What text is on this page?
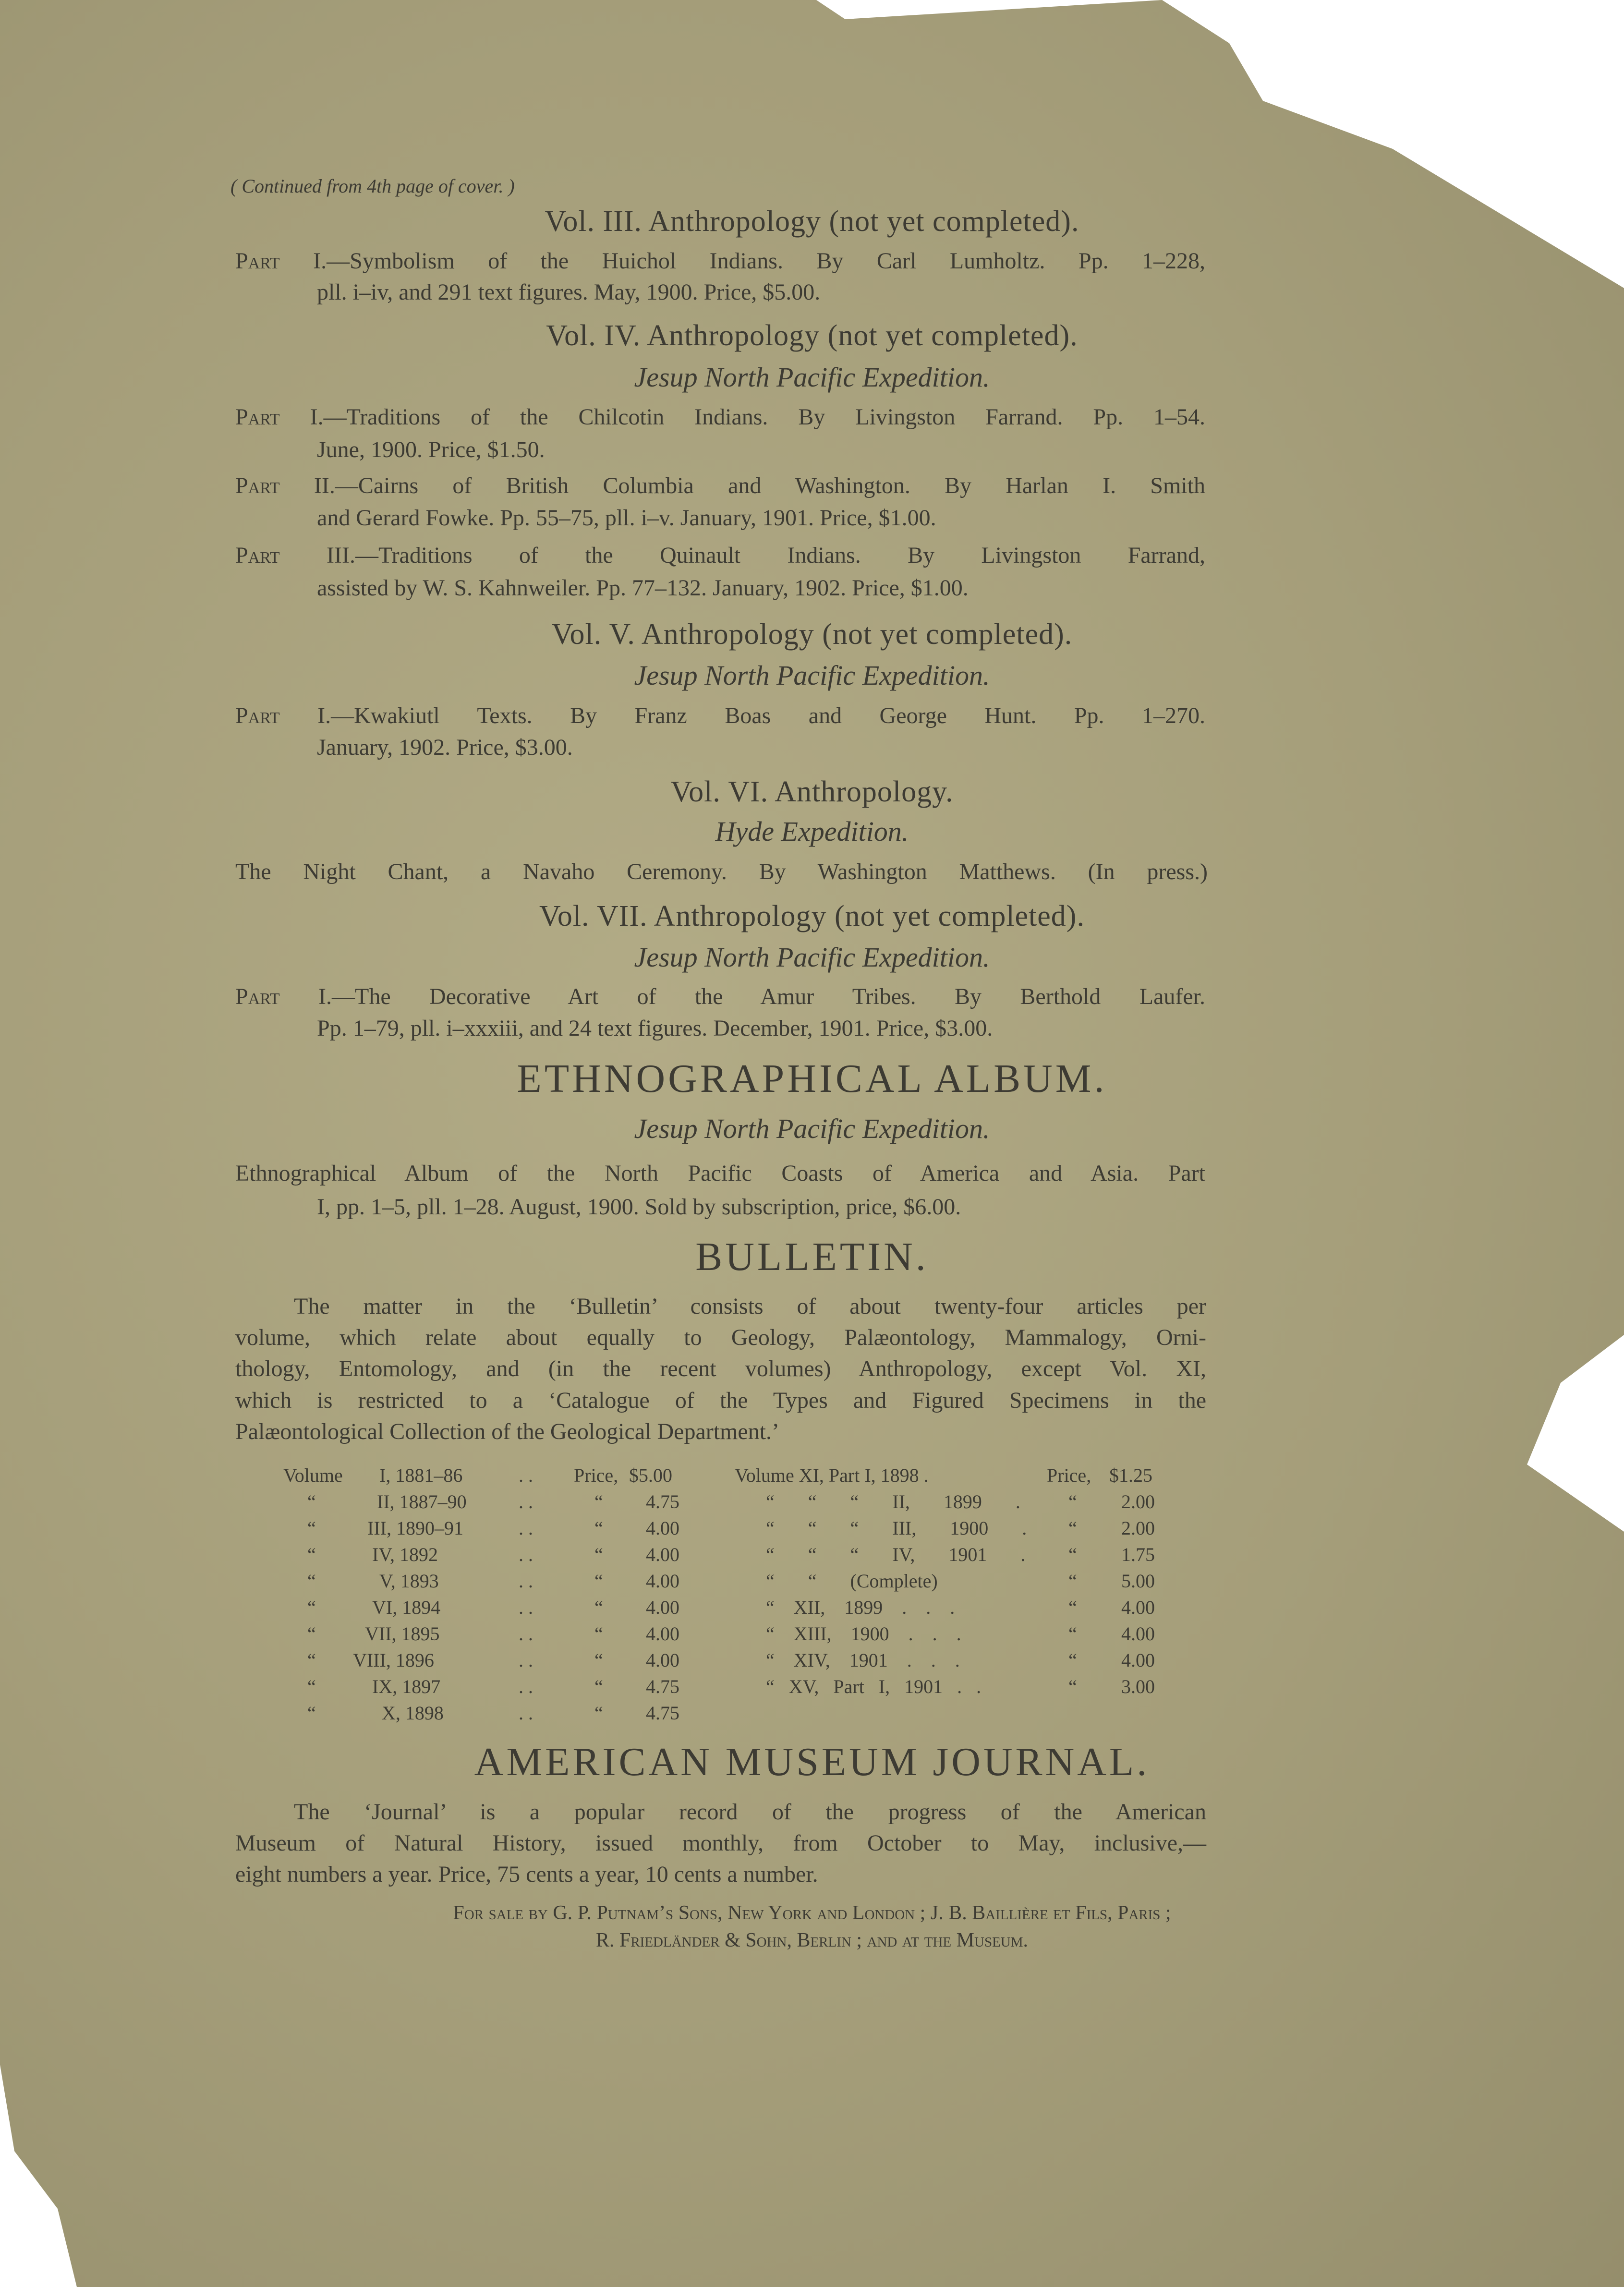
( Continued from 4th page of cover. )
Vol. III. Anthropology (not yet completed).
Part I.—Symbolism of the Huichol Indians. By Carl Lumholtz. Pp. 1–228,
pll. i–iv, and 291 text figures. May, 1900. Price, $5.00.
Vol. IV. Anthropology (not yet completed).
Jesup North Pacific Expedition.
Part I.—Traditions of the Chilcotin Indians. By Livingston Farrand. Pp. 1–54.
June, 1900. Price, $1.50.
Part II.—Cairns of British Columbia and Washington. By Harlan I. Smith
and Gerard Fowke. Pp. 55–75, pll. i–v. January, 1901. Price, $1.00.
Part III.—Traditions of the Quinault Indians. By Livingston Farrand,
assisted by W. S. Kahnweiler. Pp. 77–132. January, 1902. Price, $1.00.
Vol. V. Anthropology (not yet completed).
Jesup North Pacific Expedition.
Part I.—Kwakiutl Texts. By Franz Boas and George Hunt. Pp. 1–270.
January, 1902. Price, $3.00.
Vol. VI. Anthropology.
Hyde Expedition.
The Night Chant, a Navaho Ceremony. By Washington Matthews. (In press.)
Vol. VII. Anthropology (not yet completed).
Jesup North Pacific Expedition.
Part I.—The Decorative Art of the Amur Tribes. By Berthold Laufer.
Pp. 1–79, pll. i–xxxiii, and 24 text figures. December, 1901. Price, $3.00.
ETHNOGRAPHICAL ALBUM.
Jesup North Pacific Expedition.
Ethnographical Album of the North Pacific Coasts of America and Asia. Part
I, pp. 1–5, pll. 1–28. August, 1900. Sold by subscription, price, $6.00.
BULLETIN.
The matter in the ‘Bulletin’ consists of about twenty-four articles per
volume, which relate about equally to Geology, Palæontology, Mammalogy, Orni-
thology, Entomology, and (in the recent volumes) Anthropology, except Vol. XI,
which is restricted to a ‘Catalogue of the Types and Figured Specimens in the
Palæontological Collection of the Geological Department.’
Volume I, 1881–86	. . Price, $5.00
“	II, 1887–90	. .	“ 4.75
“	III, 1890–91	. .	“ 4.00
“	IV, 1892	. .	“ 4.00
“	V, 1893	. .	“ 4.00
“	VI, 1894	. .	“ 4.00
“	VII, 1895	. .	“ 4.00
“ VIII, 1896	. .	“ 4.00
“	IX, 1897	. .	“ 4.75
“	X, 1898	. .	“ 4.75
Volume XI, Part I, 1898 .	Price, $1.25
“ “ “ II, 1899 .	“ 2.00
“ “ “ III, 1900 . “ 2.00
“ “ “ IV, 1901 . “ 1.75
“ “ (Complete)	“ 5.00
“ XII, 1899 . . .	“ 4.00
“ XIII, 1900 . . .	“ 4.00
“ XIV, 1901 . . .	“ 4.00
“ XV, Part I, 1901 . .	“ 3.00
AMERICAN MUSEUM JOURNAL.
The ‘Journal’ is a popular record of the progress of the American
Museum of Natural History, issued monthly, from October to May, inclusive,—
eight numbers a year. Price, 75 cents a year, 10 cents a number.
For sale by G. P. Putnam’s Sons, New York and London ; J. B. Baillière et Fils, Paris ;
R. Friedländer & Sohn, Berlin ; and at the Museum.
